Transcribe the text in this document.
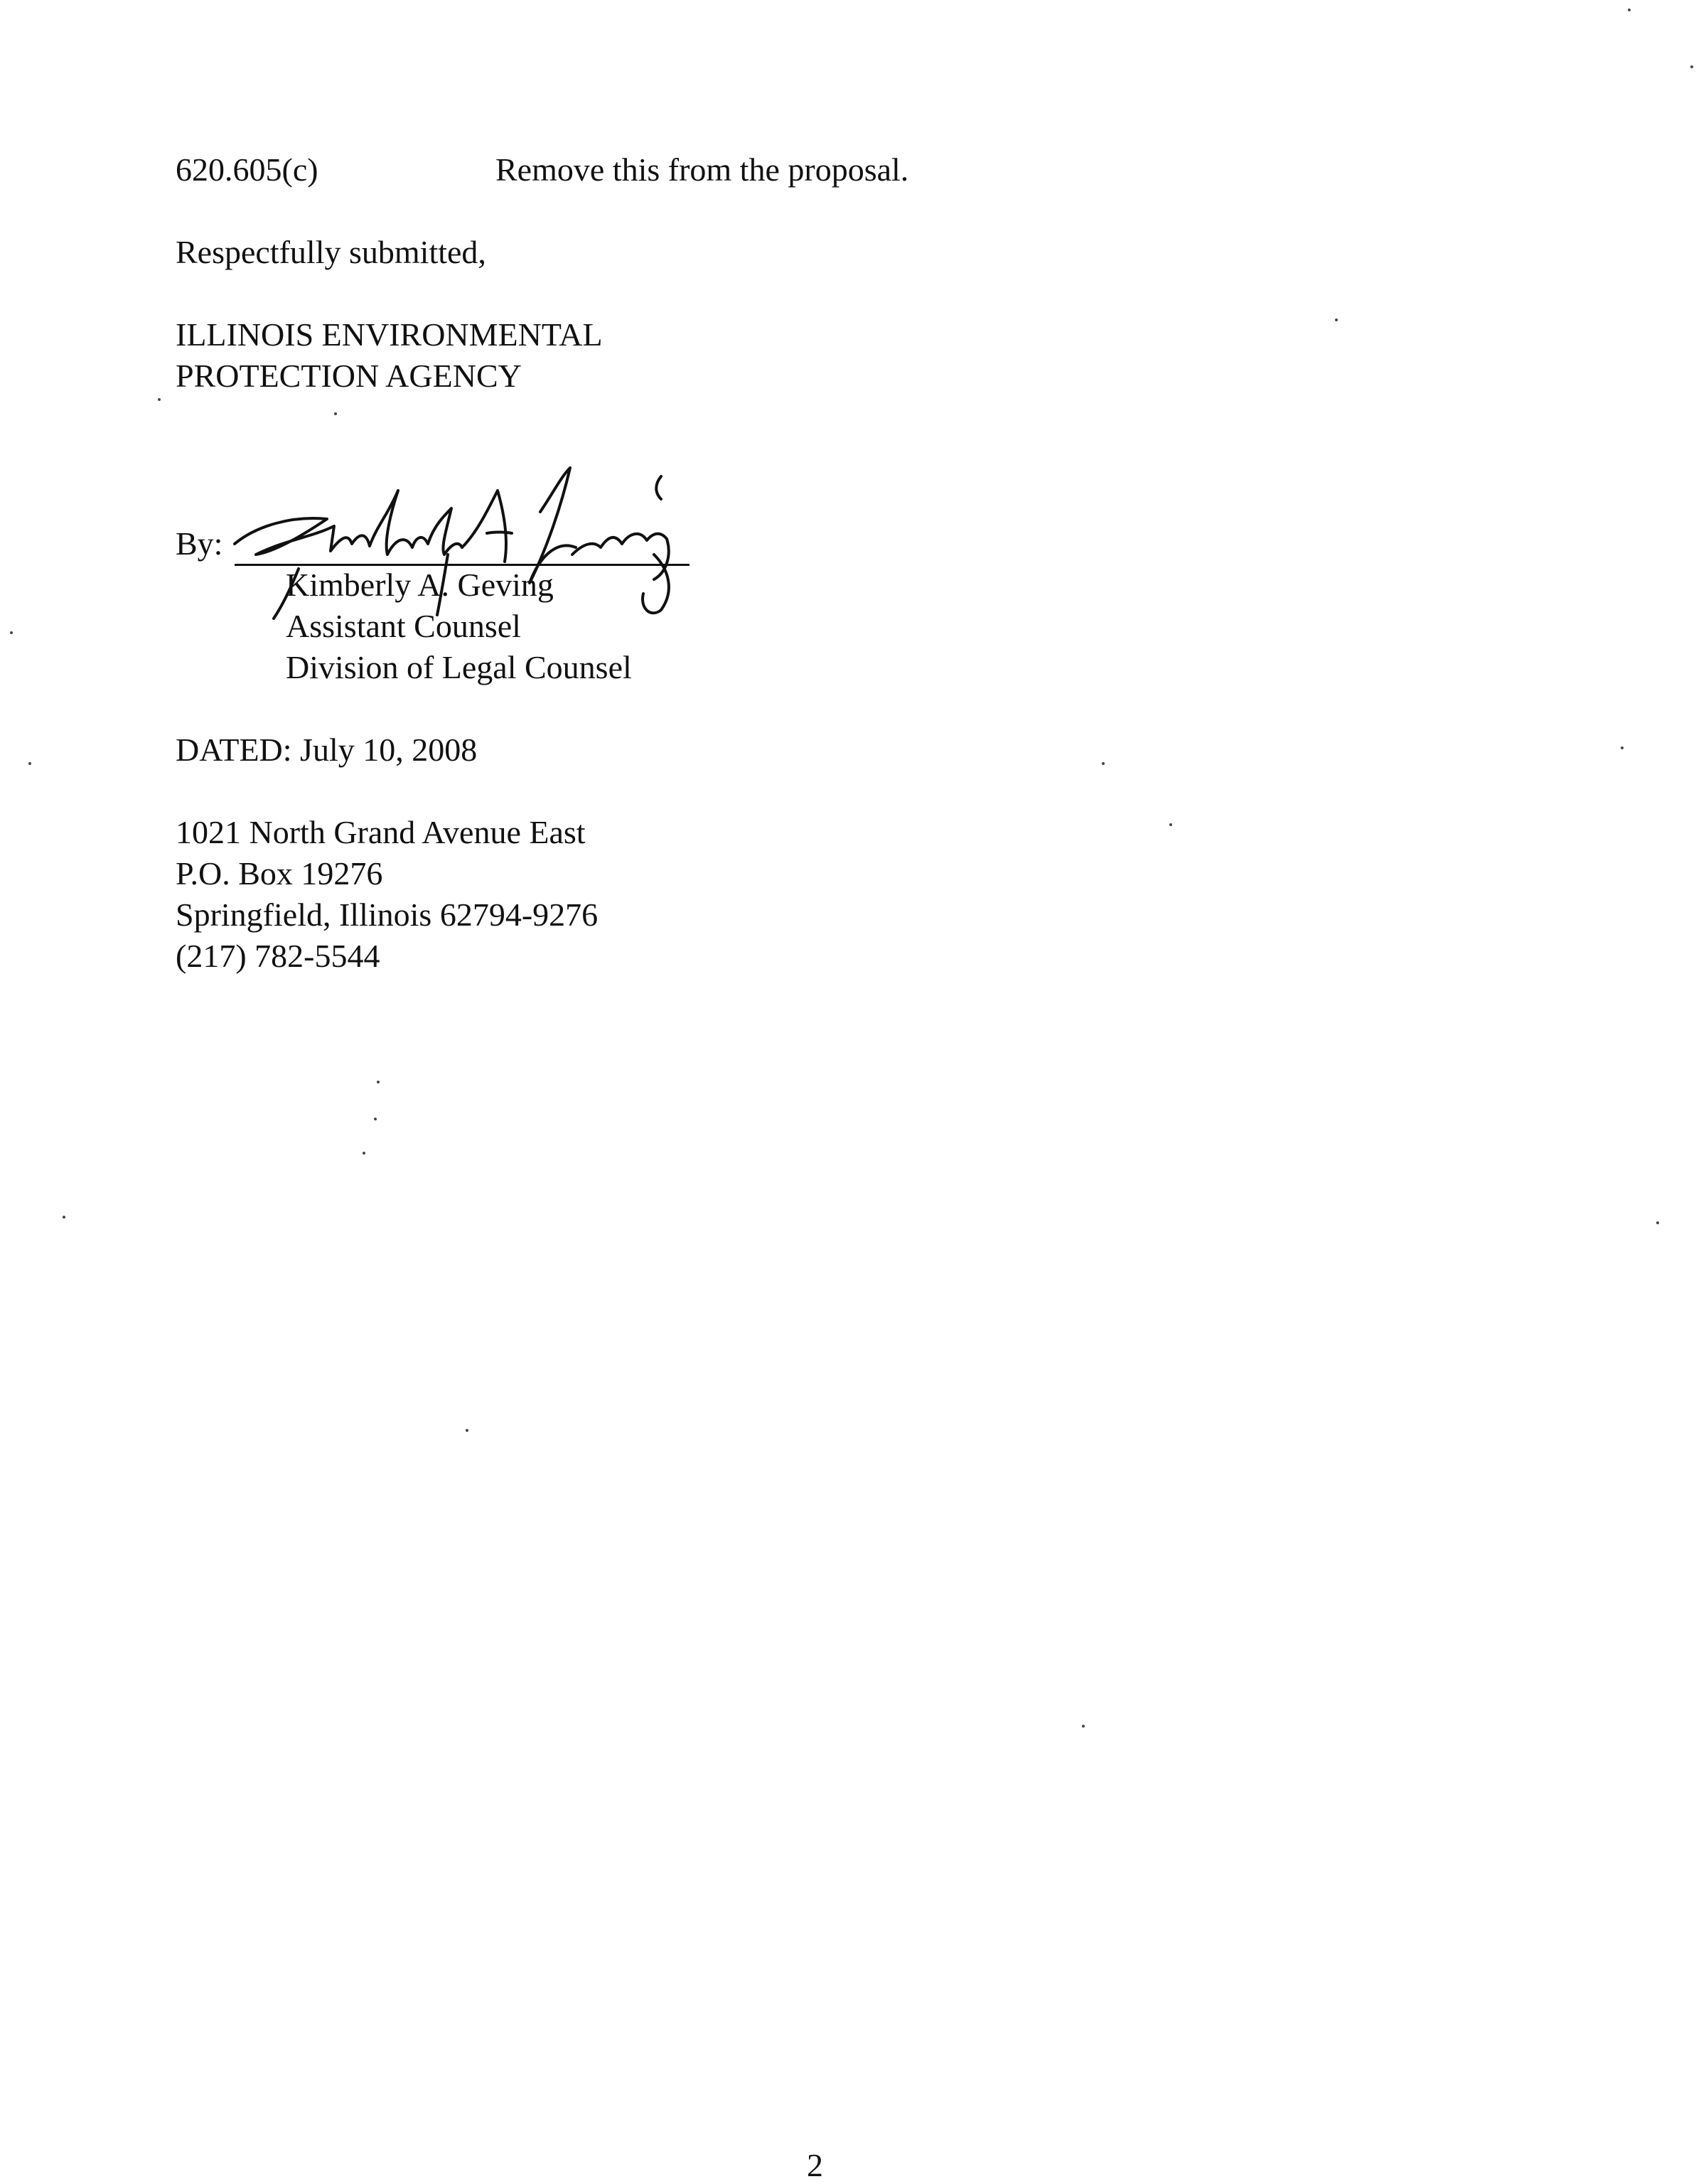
620.605(c)	Remove this from the proposal.
Respectfully submitted,
ILLINOIS ENVIRONMENTAL
PROTECTION AGENCY
By:
Kimberly A. Geving
Assistant Counsel
Division of Legal Counsel
DATED: July 10, 2008
1021 North Grand Avenue East
P.O. Box 19276
Springfield, Illinois 62794-9276
(217) 782-5544
2
